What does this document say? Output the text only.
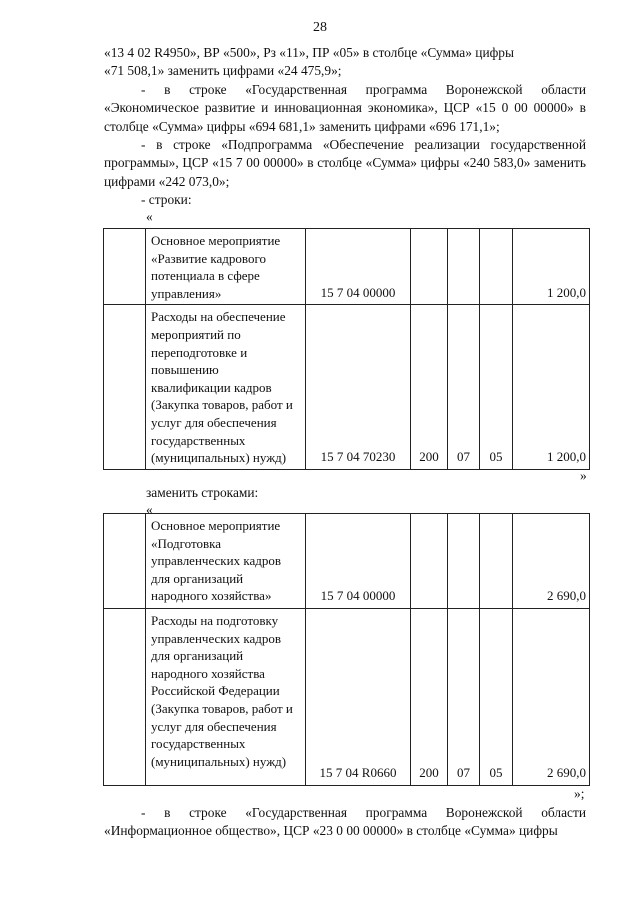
28
«13 4 02 R4950», ВР «500», Рз «11», ПР «05» в столбце «Сумма» цифры
«71 508,1» заменить цифрами «24 475,9»;
- в строке «Государственная программа Воронежской области «Экономическое развитие и инновационная экономика», ЦСР «15 0 00 00000» в столбце «Сумма» цифры «694 681,1» заменить цифрами «696 171,1»;
- в строке «Подпрограмма «Обеспечение реализации государственной программы», ЦСР «15 7 00 00000» в столбце «Сумма» цифры «240 583,0» заменить цифрами «242 073,0»;
- строки:
«
	Основное мероприятие «Развитие кадрового потенциала в сфере управления»	15 7 04 00000				1 200,0
	Расходы на обеспечение мероприятий по переподготовке и повышению квалификации кадров (Закупка товаров, работ и услуг для обеспечения государственных (муниципальных) нужд)	15 7 04 70230	200	07	05	1 200,0
»
заменить строками:
«
	Основное мероприятие «Подготовка управленческих кадров для организаций народного хозяйства»	15 7 04 00000				2 690,0
	Расходы на подготовку управленческих кадров для организаций народного хозяйства Российской Федерации (Закупка товаров, работ и услуг для обеспечения государственных (муниципальных) нужд)	15 7 04 R0660	200	07	05	2 690,0
»;
- в строке «Государственная программа Воронежской области «Информационное общество», ЦСР «23 0 00 00000» в столбце «Сумма» цифры
